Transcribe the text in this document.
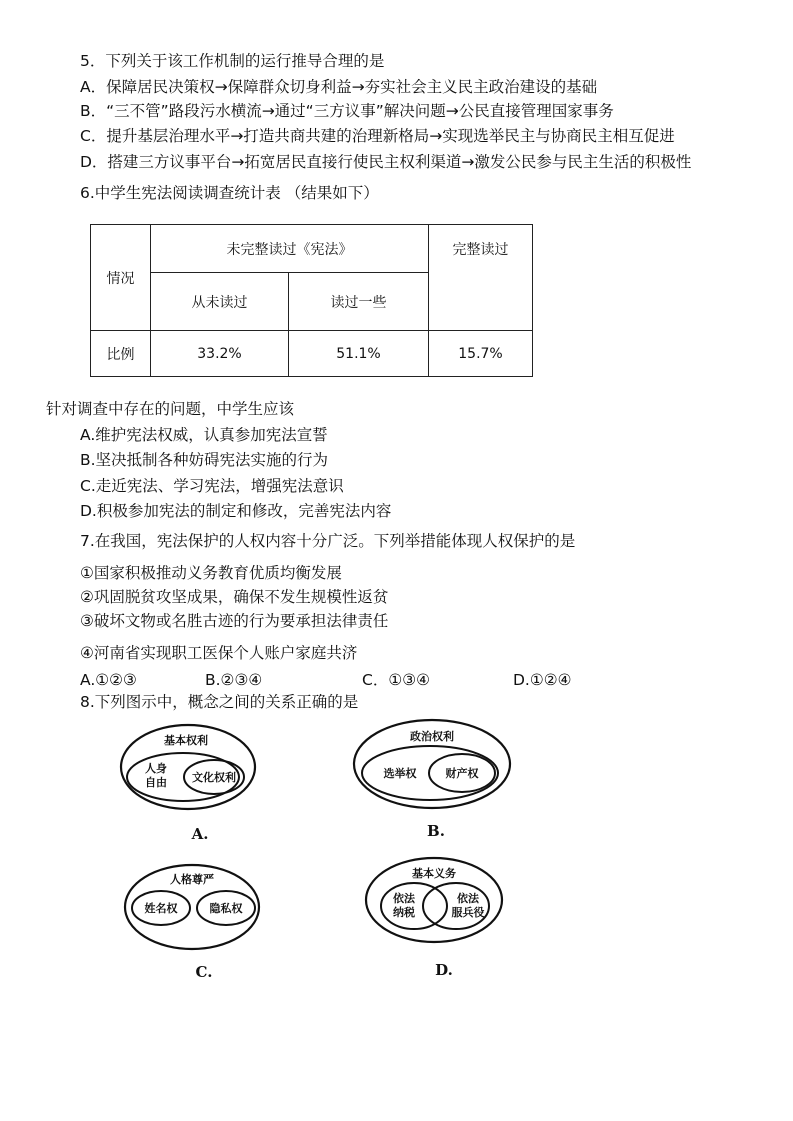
5．下列关于该工作机制的运行推导合理的是
A．保障居民决策权→保障群众切身利益→夯实社会主义民主政治建设的基础
B．“三不管”路段污水横流→通过“三方议事”解决问题→公民直接管理国家事务
C．提升基层治理水平→打造共商共建的治理新格局→实现选举民主与协商民主相互促进
D．搭建三方议事平台→拓宽居民直接行使民主权利渠道→激发公民参与民主生活的积极性
6.中学生宪法阅读调查统计表 （结果如下）
情况	未完整读过《宪法》		完整读过
	从未读过	读过一些	
比例	33.2%	51.1%	15.7%
针对调查中存在的问题，中学生应该
A.维护宪法权威，认真参加宪法宣誓
B.坚决抵制各种妨碍宪法实施的行为
C.走近宪法、学习宪法，增强宪法意识
D.积极参加宪法的制定和修改，完善宪法内容
7.在我国，宪法保护的人权内容十分广泛。下列举措能体现人权保护的是
①国家积极推动义务教育优质均衡发展
②巩固脱贫攻坚成果，确保不发生规模性返贫
③破坏文物或名胜古迹的行为要承担法律责任
④河南省实现职工医保个人账户家庭共济
A.①②③	B.②③④	C．①③④	D.①②④
8.下列图示中，概念之间的关系正确的是
基本权利
人身
自由 文化权利
A.
政治权利
选举权	财产权
B.
人格尊严
姓名权	隐私权
C.
基本义务
依法
纳税
依法
服兵役
D.
